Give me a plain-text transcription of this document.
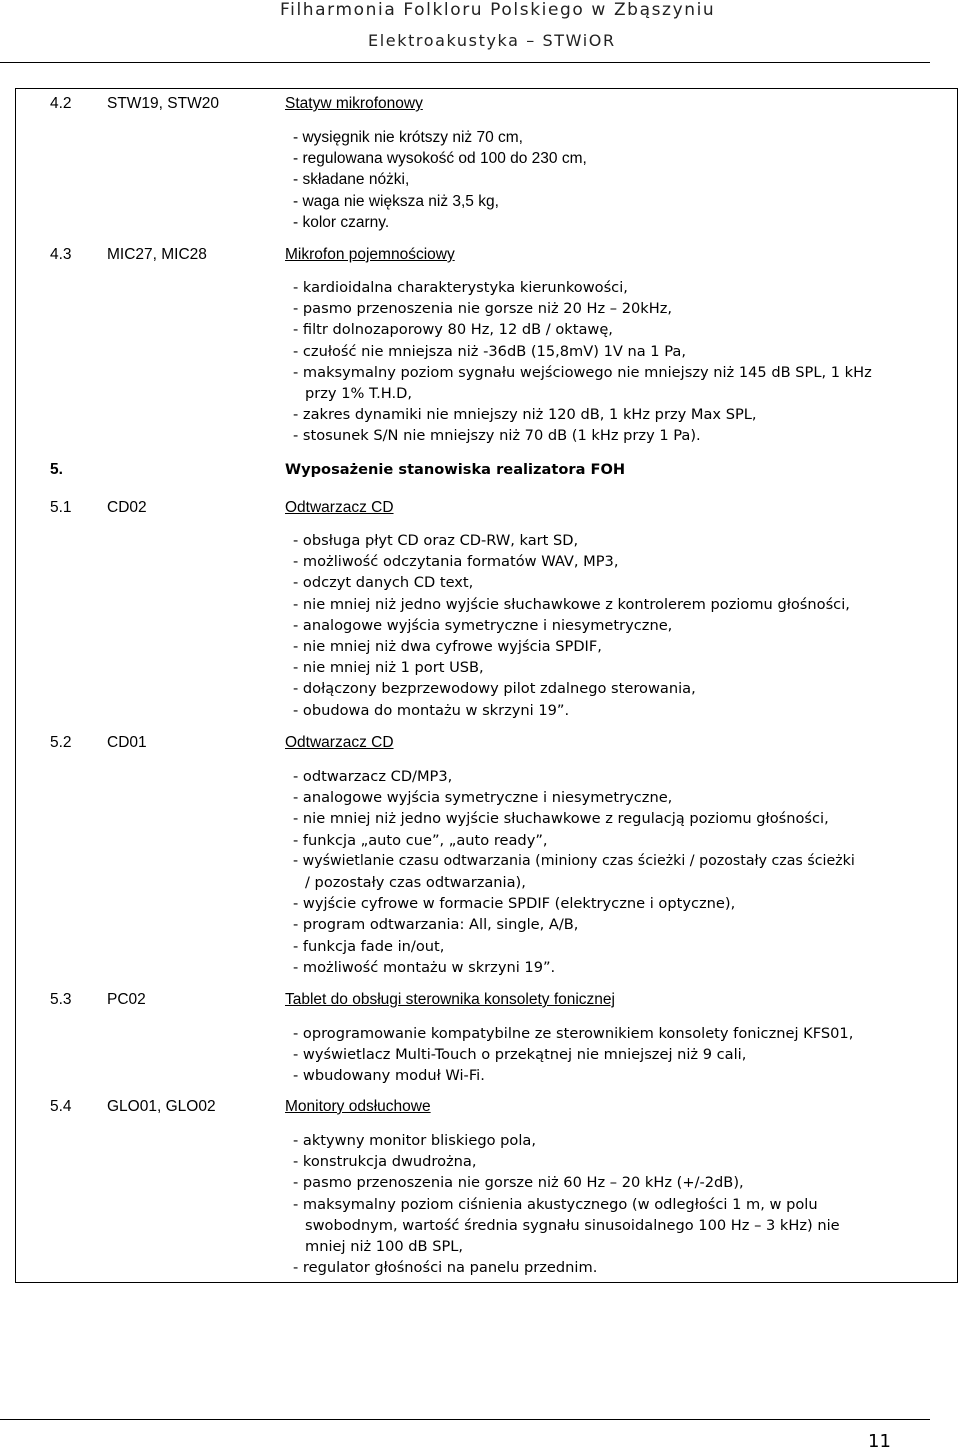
Filharmonia Folkloru Polskiego w Zbąszyniu
Elektroakustyka – STWiOR
4.2 STW19, STW20	Statyw mikrofonowy
- wysięgnik nie krótszy niż 70 cm,
- regulowana wysokość od 100 do 230 cm,
- składane nóżki,
- waga nie większa niż 3,5 kg,
- kolor czarny.
4.3 MIC27, MIC28	Mikrofon pojemnościowy
- kardioidalna charakterystyka kierunkowości,
- pasmo przenoszenia nie gorsze niż 20 Hz – 20kHz,
- filtr dolnozaporowy 80 Hz, 12 dB / oktawę,
- czułość nie mniejsza niż -36dB (15,8mV) 1V na 1 Pa,
- maksymalny poziom sygnału wejściowego nie mniejszy niż 145 dB SPL, 1 kHz
przy 1% T.H.D,
- zakres dynamiki nie mniejszy niż 120 dB, 1 kHz przy Max SPL,
- stosunek S/N nie mniejszy niż 70 dB (1 kHz przy 1 Pa).
5.	Wyposażenie stanowiska realizatora FOH
5.1 CD02	Odtwarzacz CD
- obsługa płyt CD oraz CD-RW, kart SD,
- możliwość odczytania formatów WAV, MP3,
- odczyt danych CD text,
- nie mniej niż jedno wyjście słuchawkowe z kontrolerem poziomu głośności,
- analogowe wyjścia symetryczne i niesymetryczne,
- nie mniej niż dwa cyfrowe wyjścia SPDIF,
- nie mniej niż 1 port USB,
- dołączony bezprzewodowy pilot zdalnego sterowania,
- obudowa do montażu w skrzyni 19”.
5.2 CD01	Odtwarzacz CD
- odtwarzacz CD/MP3,
- analogowe wyjścia symetryczne i niesymetryczne,
- nie mniej niż jedno wyjście słuchawkowe z regulacją poziomu głośności,
- funkcja „auto cue”, „auto ready”,
- wyświetlanie czasu odtwarzania (miniony czas ścieżki / pozostały czas ścieżki
/ pozostały czas odtwarzania),
- wyjście cyfrowe w formacie SPDIF (elektryczne i optyczne),
- program odtwarzania: All, single, A/B,
- funkcja fade in/out,
- możliwość montażu w skrzyni 19”.
5.3 PC02	Tablet do obsługi sterownika konsolety fonicznej
- oprogramowanie kompatybilne ze sterownikiem konsolety fonicznej KFS01,
- wyświetlacz Multi-Touch o przekątnej nie mniejszej niż 9 cali,
- wbudowany moduł Wi-Fi.
5.4 GLO01, GLO02	Monitory odsłuchowe
- aktywny monitor bliskiego pola,
- konstrukcja dwudrożna,
- pasmo przenoszenia nie gorsze niż 60 Hz – 20 kHz (+/-2dB),
- maksymalny poziom ciśnienia akustycznego (w odległości 1 m, w polu
swobodnym, wartość średnia sygnału sinusoidalnego 100 Hz – 3 kHz) nie
mniej niż 100 dB SPL,
- regulator głośności na panelu przednim.
11
